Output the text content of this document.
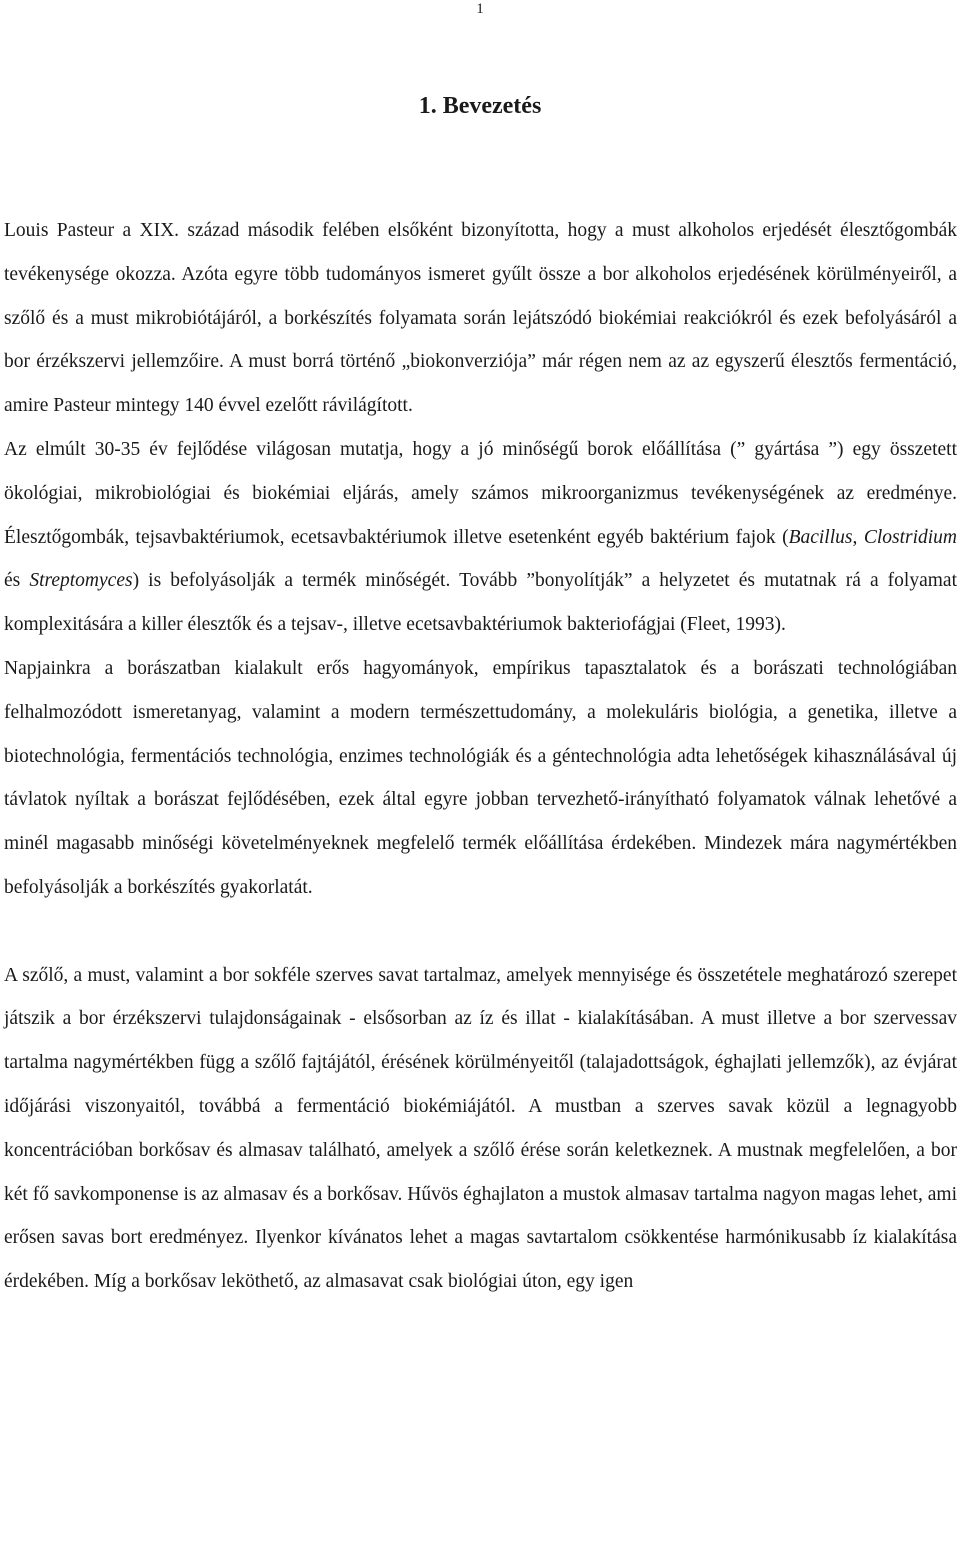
1
1. Bevezetés

Louis Pasteur a XIX. század második felében elsőként bizonyította, hogy a must alkoholos erjedését élesztőgombák tevékenysége okozza. Azóta egyre több tudományos ismeret gyűlt össze a bor alkoholos erjedésének körülményeiről, a szőlő és a must mikrobiótájáról, a borkészítés folyamata során lejátszódó biokémiai reakciókról és ezek befolyásáról a bor érzékszervi jellemzőire. A must borrá történő „biokonverziója” már régen nem az az egyszerű élesztős fermentáció, amire Pasteur mintegy 140 évvel ezelőtt rávilágított.

Az elmúlt 30-35 év fejlődése világosan mutatja, hogy a jó minőségű borok előállítása (” gyártása ”) egy összetett ökológiai, mikrobiológiai és biokémiai eljárás, amely számos mikroorganizmus tevékenységének az eredménye. Élesztőgombák, tejsavbaktériumok, ecetsavbaktériumok illetve esetenként egyéb baktérium fajok (Bacillus, Clostridium és Streptomyces) is befolyásolják a termék minőségét. Tovább ”bonyolítják” a helyzetet és mutatnak rá a folyamat komplexitására a killer élesztők és a tejsav-, illetve ecetsavbaktériumok bakteriofágjai (Fleet, 1993).

Napjainkra a borászatban kialakult erős hagyományok, empírikus tapasztalatok és a borászati technológiában felhalmozódott ismeretanyag, valamint a modern természettudomány, a molekuláris biológia, a genetika, illetve a biotechnológia, fermentációs technológia, enzimes technológiák és a géntechnológia adta lehetőségek kihasználásával új távlatok nyíltak a borászat fejlődésében, ezek által egyre jobban tervezhető-irányítható folyamatok válnak lehetővé a minél magasabb minőségi követelményeknek megfelelő termék előállítása érdekében. Mindezek mára nagymértékben befolyásolják a borkészítés gyakorlatát.

A szőlő, a must, valamint a bor sokféle szerves savat tartalmaz, amelyek mennyisége és összetétele meghatározó szerepet játszik a bor érzékszervi tulajdonságainak - elsősorban az íz és illat - kialakításában. A must illetve a bor szervessav tartalma nagymértékben függ a szőlő fajtájától, érésének körülményeitől (talajadottságok, éghajlati jellemzők), az évjárat időjárási viszonyaitól, továbbá a fermentáció biokémiájától. A mustban a szerves savak közül a legnagyobb koncentrációban borkősav és almasav található, amelyek a szőlő érése során keletkeznek. A mustnak megfelelően, a bor két fő savkomponense is az almasav és a borkősav. Hűvös éghajlaton a mustok almasav tartalma nagyon magas lehet, ami erősen savas bort eredményez. Ilyenkor kívánatos lehet a magas savtartalom csökkentése harmónikusabb íz kialakítása érdekében. Míg a borkősav leköthető, az almasavat csak biológiai úton, egy igen
